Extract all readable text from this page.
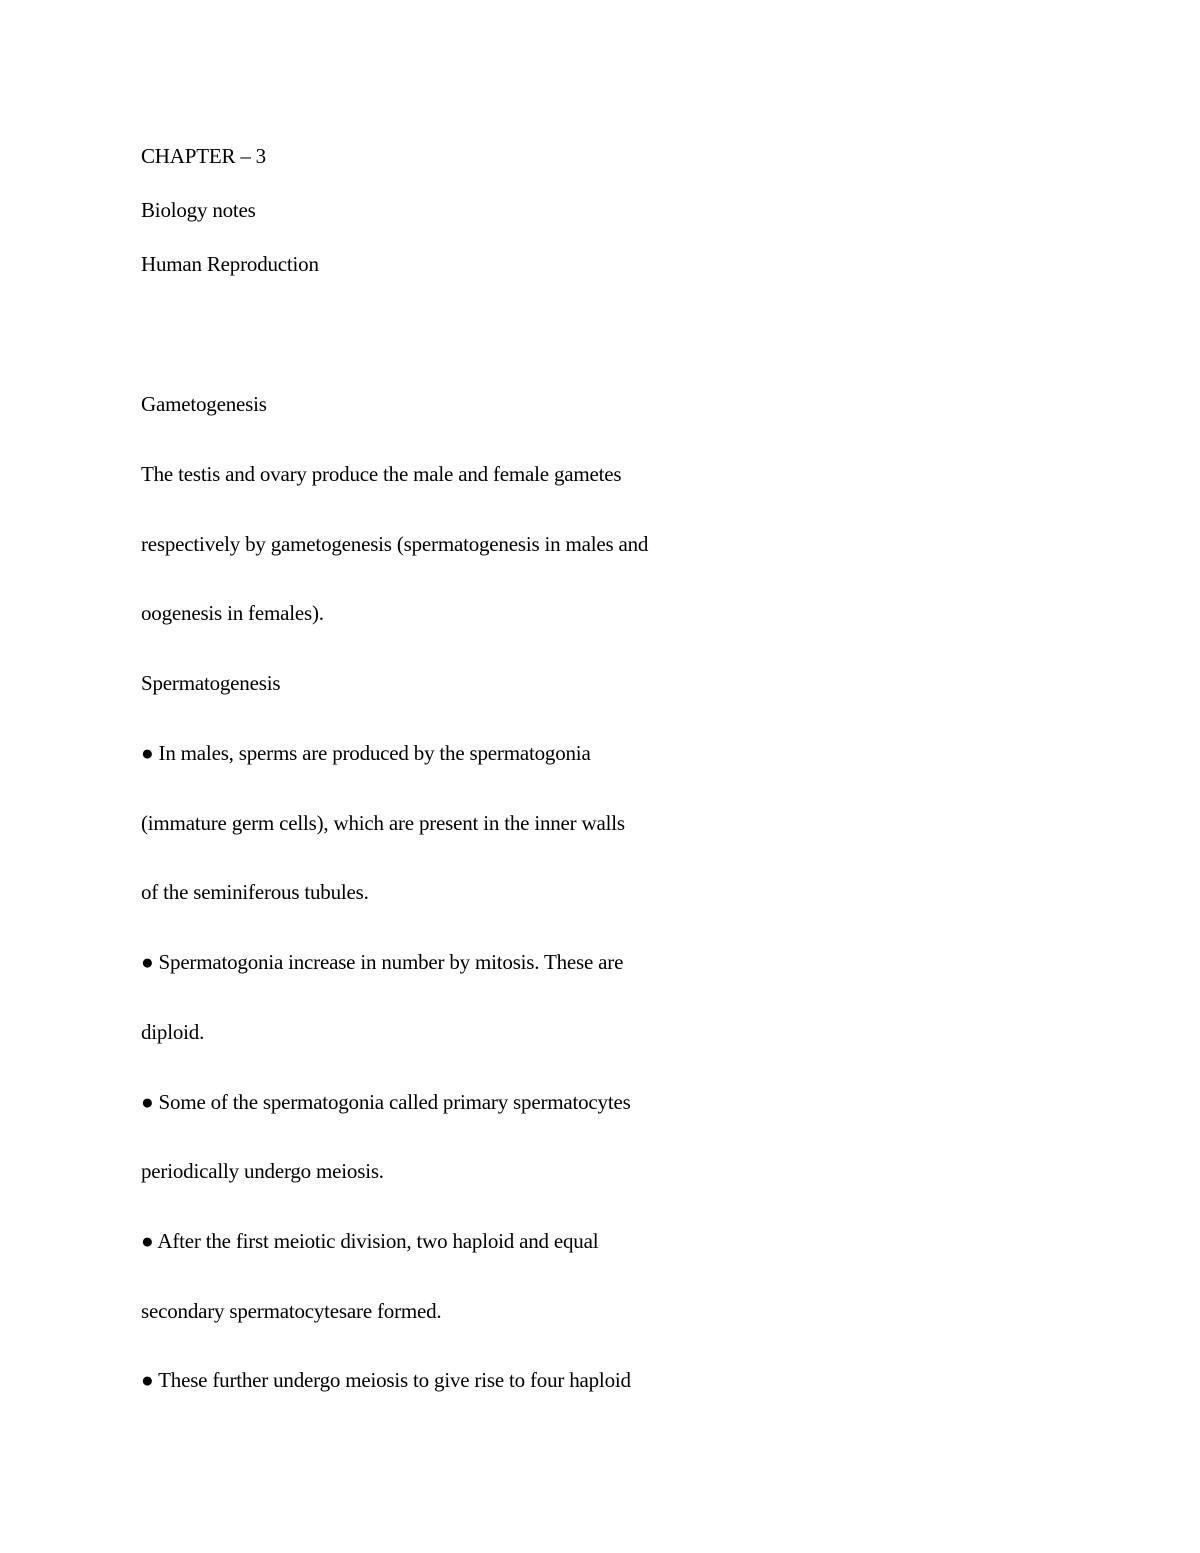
CHAPTER – 3
Biology notes
Human Reproduction
Gametogenesis
The testis and ovary produce the male and female gametes
respectively by gametogenesis (spermatogenesis in males and
oogenesis in females).
Spermatogenesis
● In males, sperms are produced by the spermatogonia
(immature germ cells), which are present in the inner walls
of the seminiferous tubules.
● Spermatogonia increase in number by mitosis. These are
diploid.
● Some of the spermatogonia called primary spermatocytes
periodically undergo meiosis.
● After the first meiotic division, two haploid and equal
secondary spermatocytesare formed.
● These further undergo meiosis to give rise to four haploid
